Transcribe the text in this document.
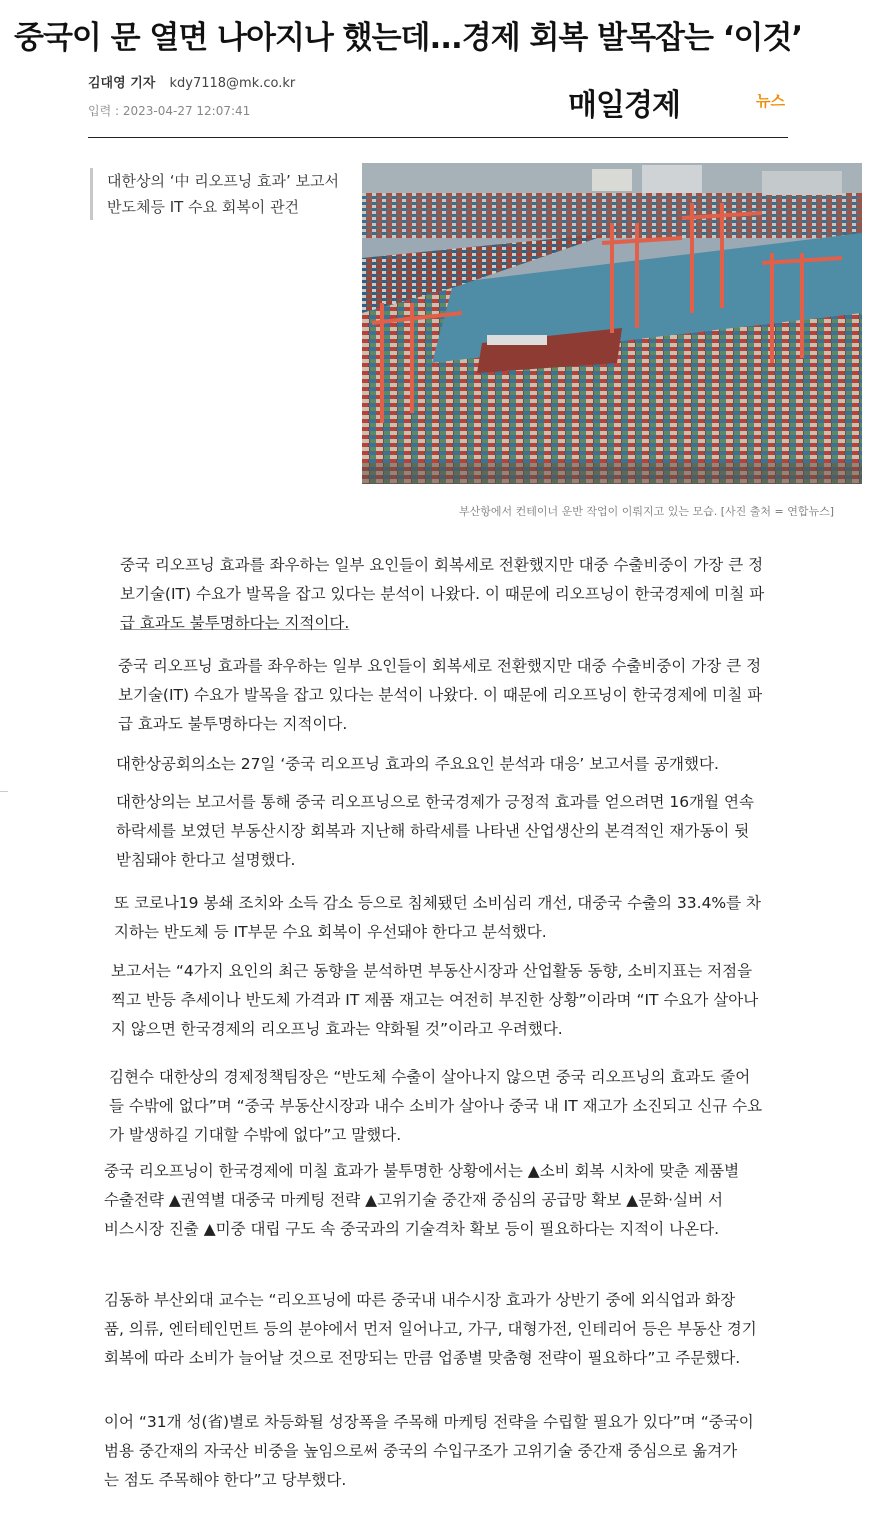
중국이 문 열면 나아지나 했는데...경제 회복 발목잡는 ‘이것’
김대영 기자 kdy7118@mk.co.kr
입력 : 2023-04-27 12:07:41	매일경제	뉴스
대한상의 ‘中 리오프닝 효과’ 보고서
반도체등 IT 수요 회복이 관건
부산항에서 컨테이너 운반 작업이 이뤄지고 있는 모습. [사진 출처 = 연합뉴스]
중국 리오프닝 효과를 좌우하는 일부 요인들이 회복세로 전환했지만 대중 수출비중이 가장 큰 정
보기술(IT) 수요가 발목을 잡고 있다는 분석이 나왔다. 이 때문에 리오프닝이 한국경제에 미칠 파
급 효과도 불투명하다는 지적이다.
중국 리오프닝 효과를 좌우하는 일부 요인들이 회복세로 전환했지만 대중 수출비중이 가장 큰 정
보기술(IT) 수요가 발목을 잡고 있다는 분석이 나왔다. 이 때문에 리오프닝이 한국경제에 미칠 파
급 효과도 불투명하다는 지적이다.
대한상공회의소는 27일 ‘중국 리오프닝 효과의 주요요인 분석과 대응’ 보고서를 공개했다.
대한상의는 보고서를 통해 중국 리오프닝으로 한국경제가 긍정적 효과를 얻으려면 16개월 연속
하락세를 보였던 부동산시장 회복과 지난해 하락세를 나타낸 산업생산의 본격적인 재가동이 뒷
받침돼야 한다고 설명했다.
또 코로나19 봉쇄 조치와 소득 감소 등으로 침체됐던 소비심리 개선, 대중국 수출의 33.4%를 차
지하는 반도체 등 IT부문 수요 회복이 우선돼야 한다고 분석했다.
보고서는 “4가지 요인의 최근 동향을 분석하면 부동산시장과 산업활동 동향, 소비지표는 저점을
찍고 반등 추세이나 반도체 가격과 IT 제품 재고는 여전히 부진한 상황”이라며 “IT 수요가 살아나
지 않으면 한국경제의 리오프닝 효과는 약화될 것”이라고 우려했다.
김현수 대한상의 경제정책팀장은 “반도체 수출이 살아나지 않으면 중국 리오프닝의 효과도 줄어
들 수밖에 없다”며 “중국 부동산시장과 내수 소비가 살아나 중국 내 IT 재고가 소진되고 신규 수요
가 발생하길 기대할 수밖에 없다”고 말했다.
중국 리오프닝이 한국경제에 미칠 효과가 불투명한 상황에서는 ▲소비 회복 시차에 맞춘 제품별
수출전략 ▲권역별 대중국 마케팅 전략 ▲고위기술 중간재 중심의 공급망 확보 ▲문화·실버 서
비스시장 진출 ▲미중 대립 구도 속 중국과의 기술격차 확보 등이 필요하다는 지적이 나온다.
김동하 부산외대 교수는 “리오프닝에 따른 중국내 내수시장 효과가 상반기 중에 외식업과 화장
품, 의류, 엔터테인먼트 등의 분야에서 먼저 일어나고, 가구, 대형가전, 인테리어 등은 부동산 경기
회복에 따라 소비가 늘어날 것으로 전망되는 만큼 업종별 맞춤형 전략이 필요하다”고 주문했다.
이어 “31개 성(省)별로 차등화될 성장폭을 주목해 마케팅 전략을 수립할 필요가 있다”며 “중국이
범용 중간재의 자국산 비중을 높임으로써 중국의 수입구조가 고위기술 중간재 중심으로 옮겨가
는 점도 주목해야 한다”고 당부했다.
